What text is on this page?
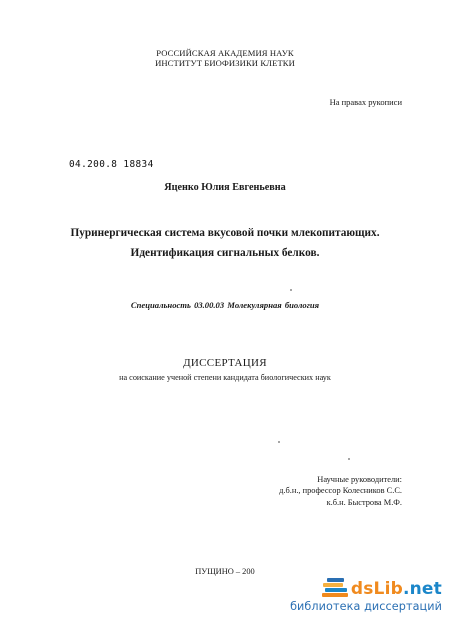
РОССИЙСКАЯ АКАДЕМИЯ НАУК
ИНСТИТУТ БИОФИЗИКИ КЛЕТКИ
На правах рукописи
04.200.8 18834
Яценко Юлия Евгеньевна
Пуринергическая система вкусовой почки млекопитающих.
Идентификация сигнальных белков.
Специальность 03.00.03 Молекулярная биология
ДИССЕРТАЦИЯ
на соискание ученой степени кандидата биологических наук
Научные руководители:
д.б.н., профессор Колесников С.С.
к.б.н. Быстрова М.Ф.
ПУЩИНО – 200
dsLib.net
библиотека диссертаций
